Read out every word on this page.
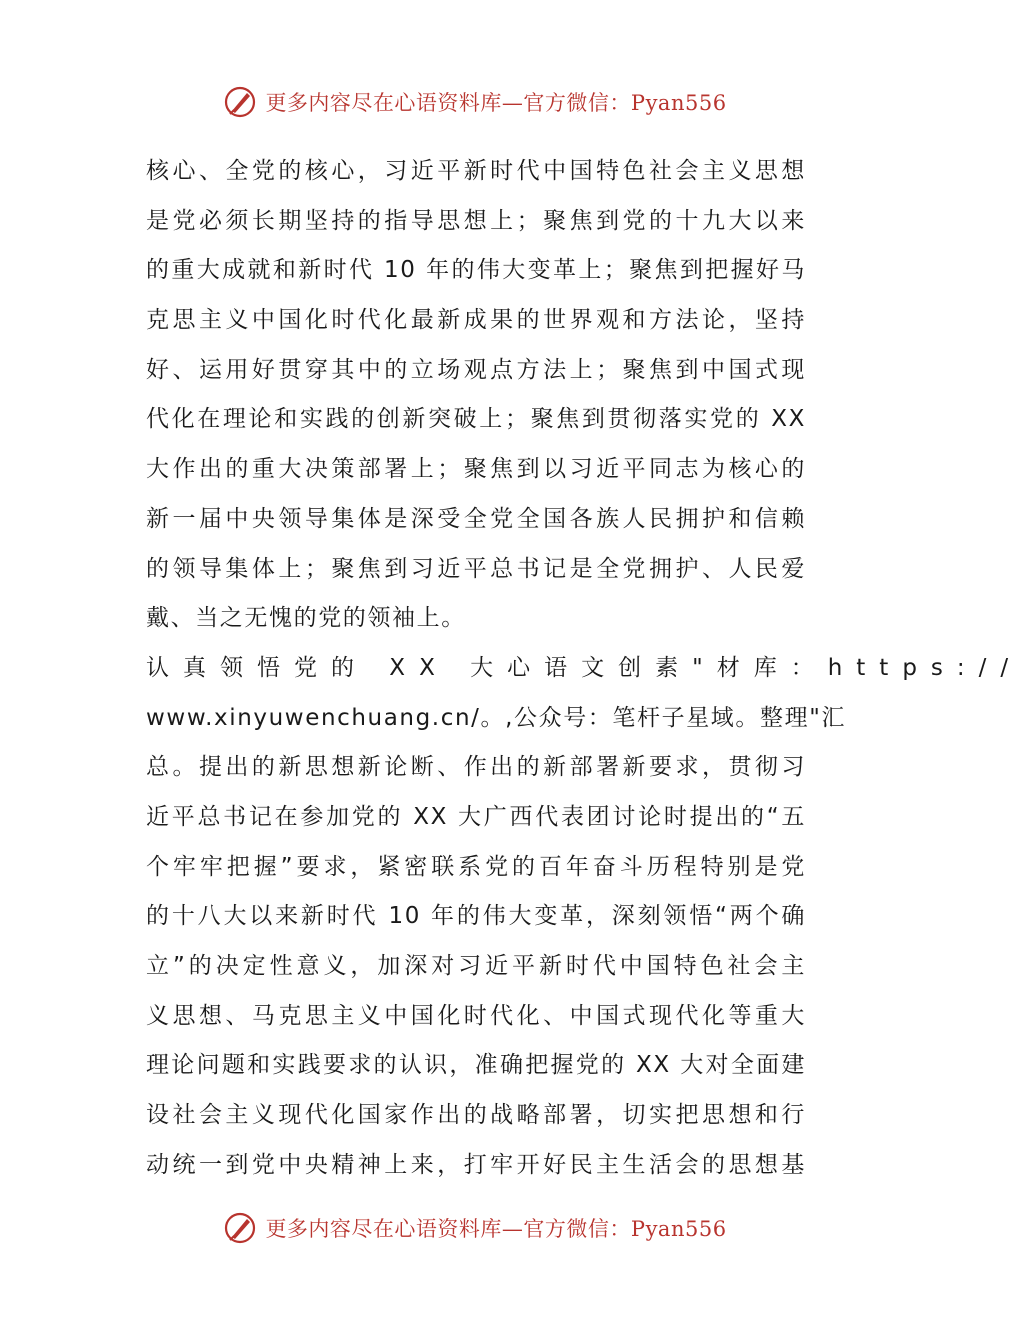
更多内容尽在心语资料库—官方微信：Pyan556
核心、全党的核心，习近平新时代中国特色社会主义思想
是党必须长期坚持的指导思想上；聚焦到党的十九大以来
的重大成就和新时代 10 年的伟大变革上；聚焦到把握好马
克思主义中国化时代化最新成果的世界观和方法论，坚持
好、运用好贯穿其中的立场观点方法上；聚焦到中国式现
代化在理论和实践的创新突破上；聚焦到贯彻落实党的 XX
大作出的重大决策部署上；聚焦到以习近平同志为核心的
新一届中央领导集体是深受全党全国各族人民拥护和信赖
的领导集体上；聚焦到习近平总书记是全党拥护、人民爱
戴、当之无愧的党的领袖上。
认真领悟党的 XX 大心语文创素"材库：https://
www.xinyuwenchuang.cn/。,公众号：笔杆子星域。整理"汇
总。提出的新思想新论断、作出的新部署新要求，贯彻习
近平总书记在参加党的 XX 大广西代表团讨论时提出的“五
个牢牢把握”要求，紧密联系党的百年奋斗历程特别是党
的十八大以来新时代 10 年的伟大变革，深刻领悟“两个确
立”的决定性意义，加深对习近平新时代中国特色社会主
义思想、马克思主义中国化时代化、中国式现代化等重大
理论问题和实践要求的认识，准确把握党的 XX 大对全面建
设社会主义现代化国家作出的战略部署，切实把思想和行
动统一到党中央精神上来，打牢开好民主生活会的思想基
更多内容尽在心语资料库—官方微信：Pyan556
